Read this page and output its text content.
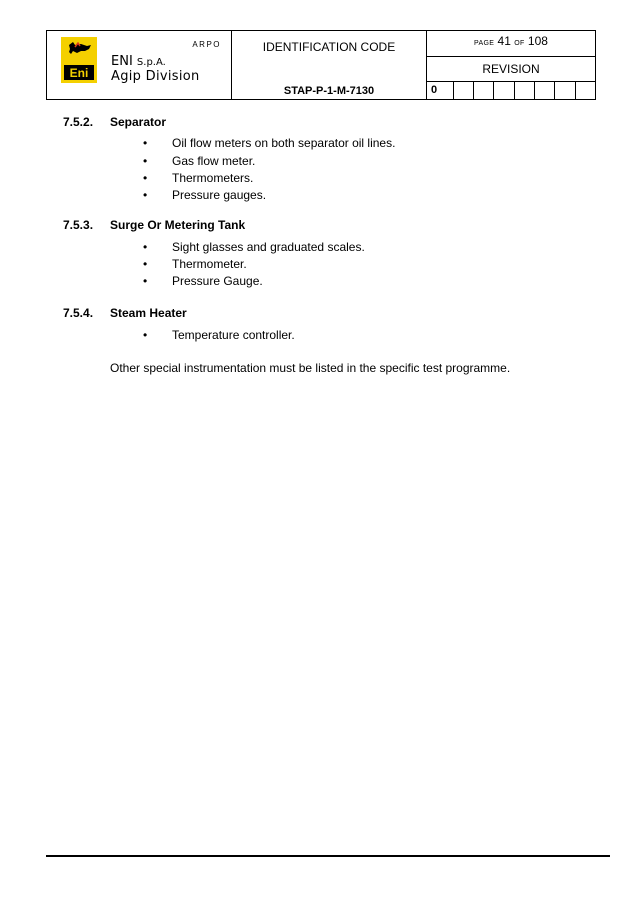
Eni
ARPO
ENI S.p.A.
Agip Division
IDENTIFICATION CODE
STAP-P-1-M-7130
PAGE 41 OF 108
REVISION
0
7.5.2.	Separator
• Oil flow meters on both separator oil lines.
• Gas flow meter.
• Thermometers.
• Pressure gauges.
7.5.3.	Surge Or Metering Tank
• Sight glasses and graduated scales.
• Thermometer.
• Pressure Gauge.
7.5.4.	Steam Heater
• Temperature controller.
Other special instrumentation must be listed in the specific test programme.
